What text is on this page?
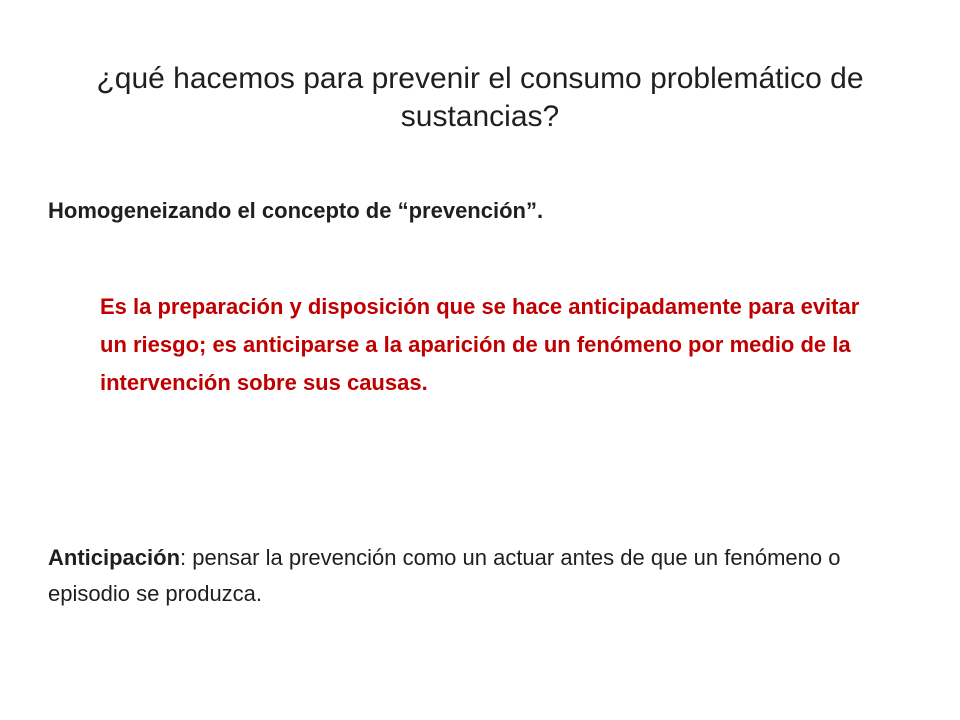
¿qué hacemos para prevenir el consumo problemático de sustancias?

Homogeneizando el concepto de “prevención”.

Es la preparación y disposición que se hace anticipadamente para evitar un riesgo; es anticiparse a la aparición de un fenómeno por medio de la intervención sobre sus causas.

Anticipación: pensar la prevención como un actuar antes de que un fenómeno o episodio se produzca.
